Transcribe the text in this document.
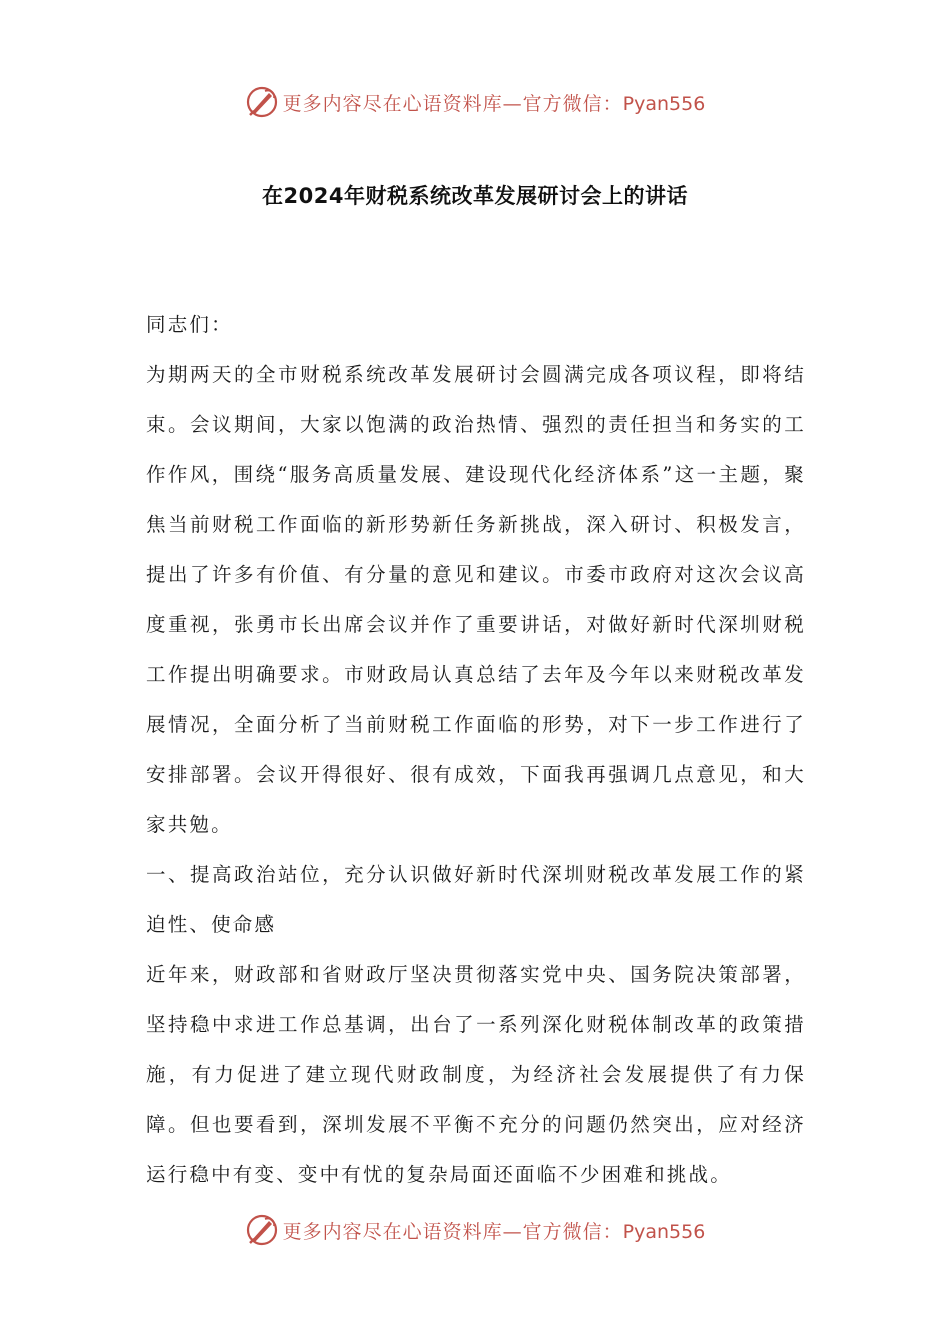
更多内容尽在心语资料库—官方微信：Pyan556
在2024年财税系统改革发展研讨会上的讲话

同志们：

为期两天的全市财税系统改革发展研讨会圆满完成各项议程，即将结束。会议期间，大家以饱满的政治热情、强烈的责任担当和务实的工作作风，围绕“服务高质量发展、建设现代化经济体系”这一主题，聚焦当前财税工作面临的新形势新任务新挑战，深入研讨、积极发言，提出了许多有价值、有分量的意见和建议。市委市政府对这次会议高度重视，张勇市长出席会议并作了重要讲话，对做好新时代深圳财税工作提出明确要求。市财政局认真总结了去年及今年以来财税改革发展情况，全面分析了当前财税工作面临的形势，对下一步工作进行了安排部署。会议开得很好、很有成效，下面我再强调几点意见，和大家共勉。

一、提高政治站位，充分认识做好新时代深圳财税改革发展工作的紧迫性、使命感

近年来，财政部和省财政厅坚决贯彻落实党中央、国务院决策部署，坚持稳中求进工作总基调，出台了一系列深化财税体制改革的政策措施，有力促进了建立现代财政制度，为经济社会发展提供了有力保障。但也要看到，深圳发展不平衡不充分的问题仍然突出，应对经济运行稳中有变、变中有忧的复杂局面还面临不少困难和挑战。

更多内容尽在心语资料库—官方微信：Pyan556
